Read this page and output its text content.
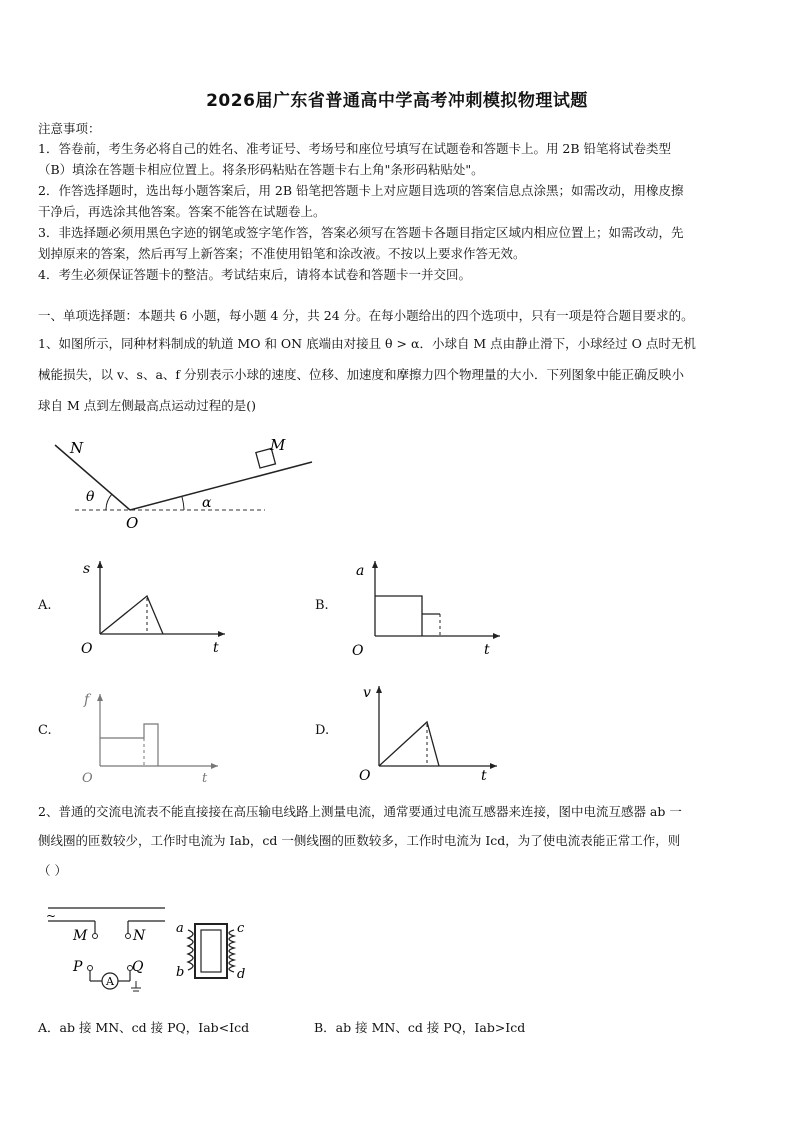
2026届广东省普通高中学高考冲刺模拟物理试题
注意事项：
1．答卷前，考生务必将自己的姓名、准考证号、考场号和座位号填写在试题卷和答题卡上。用 2B 铅笔将试卷类型
（B）填涂在答题卡相应位置上。将条形码粘贴在答题卡右上角"条形码粘贴处"。
2．作答选择题时，选出每小题答案后，用 2B 铅笔把答题卡上对应题目选项的答案信息点涂黑；如需改动，用橡皮擦
干净后，再选涂其他答案。答案不能答在试题卷上。
3．非选择题必须用黑色字迹的钢笔或签字笔作答，答案必须写在答题卡各题目指定区域内相应位置上；如需改动，先
划掉原来的答案，然后再写上新答案；不准使用铅笔和涂改液。不按以上要求作答无效。
4．考生必须保证答题卡的整洁。考试结束后，请将本试卷和答题卡一并交回。
一、单项选择题：本题共 6 小题，每小题 4 分，共 24 分。在每小题给出的四个选项中，只有一项是符合题目要求的。
1、如图所示，同种材料制成的轨道 MO 和 ON 底端由对接且 θ > α．小球自 M 点由静止滑下，小球经过 O 点时无机
械能损失，以 v、s、a、f 分别表示小球的速度、位移、加速度和摩擦力四个物理量的大小．下列图象中能正确反映小
球自 M 点到左侧最高点运动过程的是()
N	M
O
θ	α
A.
s
O	t
B.
a
O	t
C.
f
O	t
D.
v
O	t
2、普通的交流电流表不能直接接在高压输电线路上测量电流，通常要通过电流互感器来连接，图中电流互感器 ab 一
侧线圈的匝数较少，工作时电流为 Iab，cd 一侧线圈的匝数较多，工作时电流为 Icd，为了使电流表能正常工作，则
（ ）
~
M	N
P	Q
A
a
b
c
d
A．ab 接 MN、cd 接 PQ，Iab<Icd	B．ab 接 MN、cd 接 PQ，Iab>Icd
